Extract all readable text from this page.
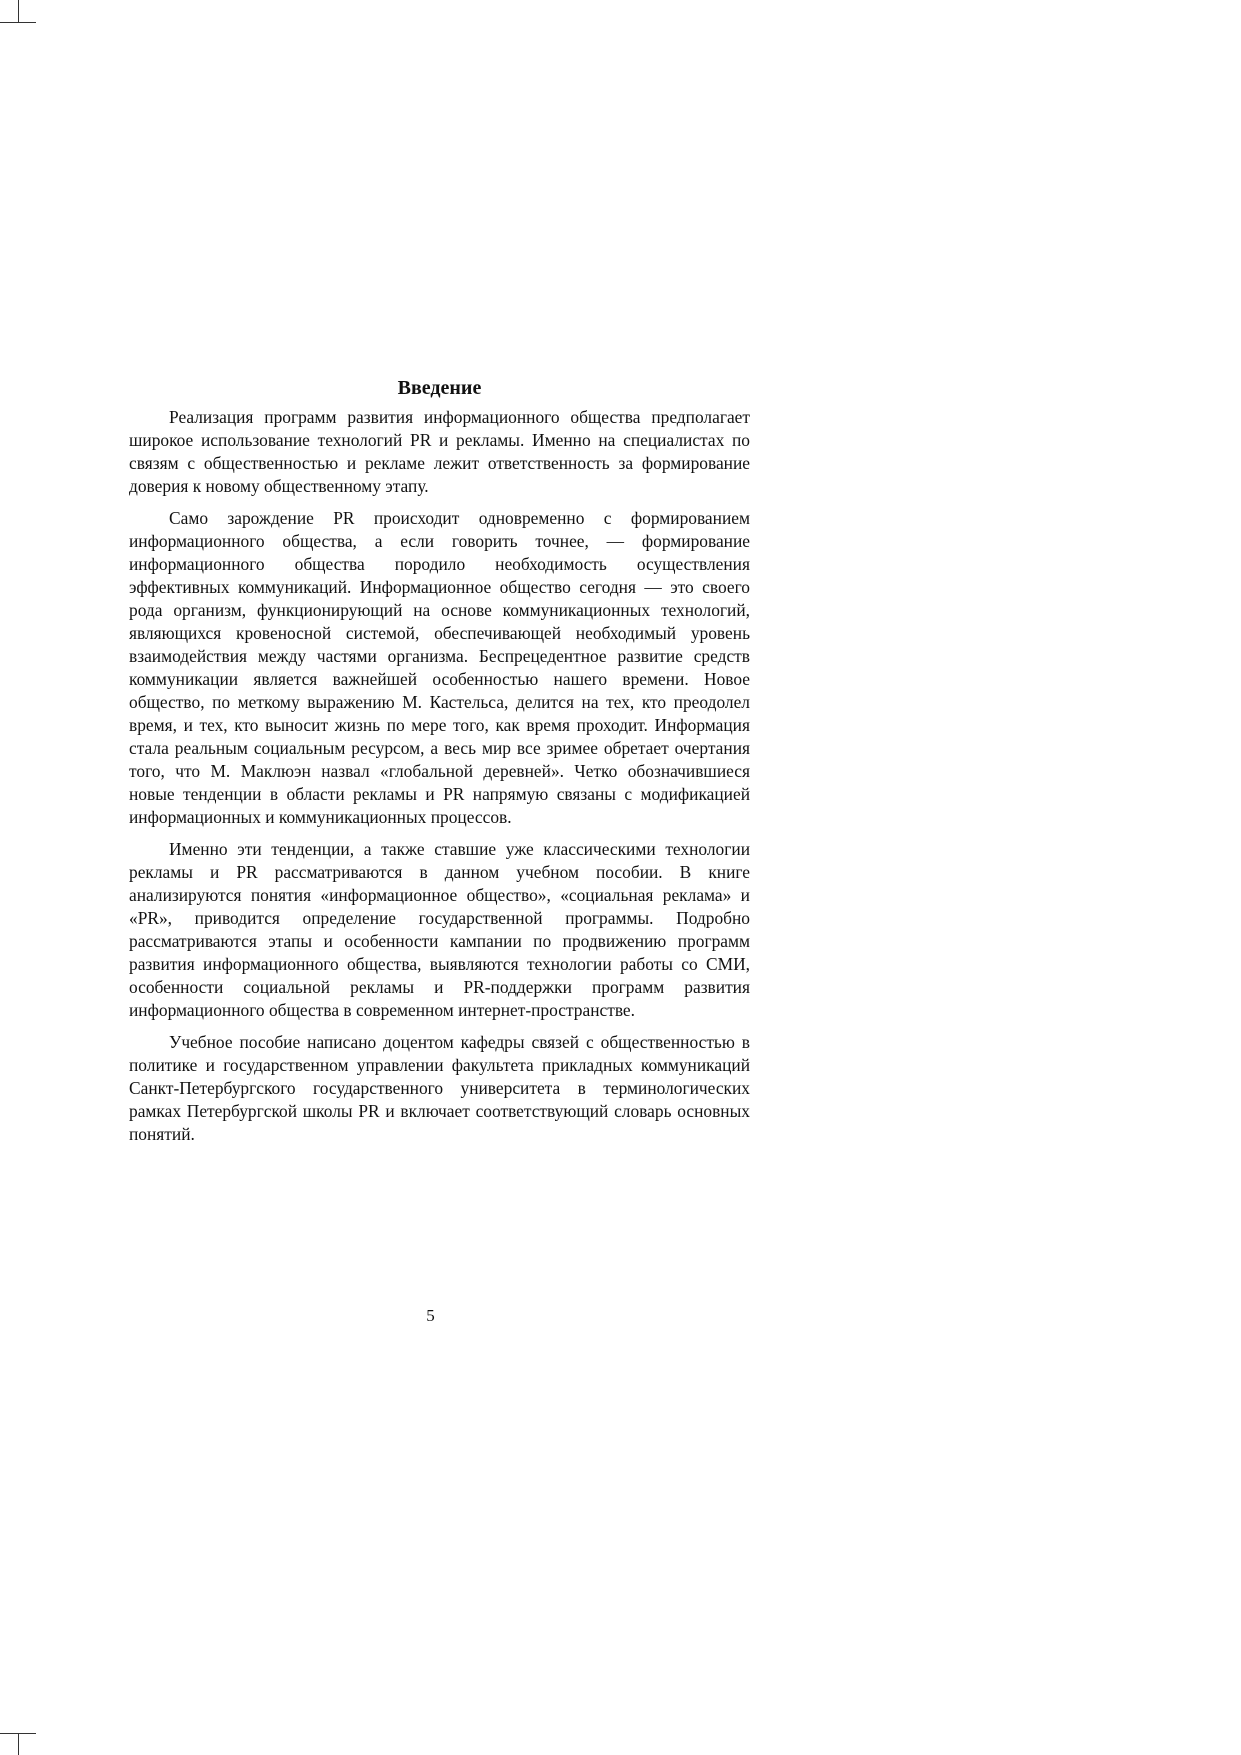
Введение

Реализация программ развития информационного общества предполагает широкое использование технологий PR и рекламы. Именно на специалистах по связям с общественностью и рекламе лежит ответственность за формирование доверия к новому общественному этапу.

Само зарождение PR происходит одновременно с формированием информационного общества, а если говорить точнее, — формирование информационного общества породило необходимость осуществления эффективных коммуникаций. Информационное общество сегодня — это своего рода организм, функционирующий на основе коммуникационных технологий, являющихся кровеносной системой, обеспечивающей необходимый уровень взаимодействия между частями организма. Беспрецедентное развитие средств коммуникации является важнейшей особенностью нашего времени. Новое общество, по меткому выражению М. Кастельса, делится на тех, кто преодолел время, и тех, кто выносит жизнь по мере того, как время проходит. Информация стала реальным социальным ресурсом, а весь мир все зримее обретает очертания того, что М. Маклюэн назвал «глобальной деревней». Четко обозначившиеся новые тенденции в области рекламы и PR напрямую связаны с модификацией информационных и коммуникационных процессов.

Именно эти тенденции, а также ставшие уже классическими технологии рекламы и PR рассматриваются в данном учебном пособии. В книге анализируются понятия «информационное общество», «социальная реклама» и «PR», приводится определение государственной программы. Подробно рассматриваются этапы и особенности кампании по продвижению программ развития информационного общества, выявляются технологии работы со СМИ, особенности социальной рекламы и PR-поддержки программ развития информационного общества в современном интернет-пространстве.

Учебное пособие написано доцентом кафедры связей с общественностью в политике и государственном управлении факультета прикладных коммуникаций Санкт-Петербургского государственного университета в терминологических рамках Петербургской школы PR и включает соответствующий словарь основных понятий.

5
